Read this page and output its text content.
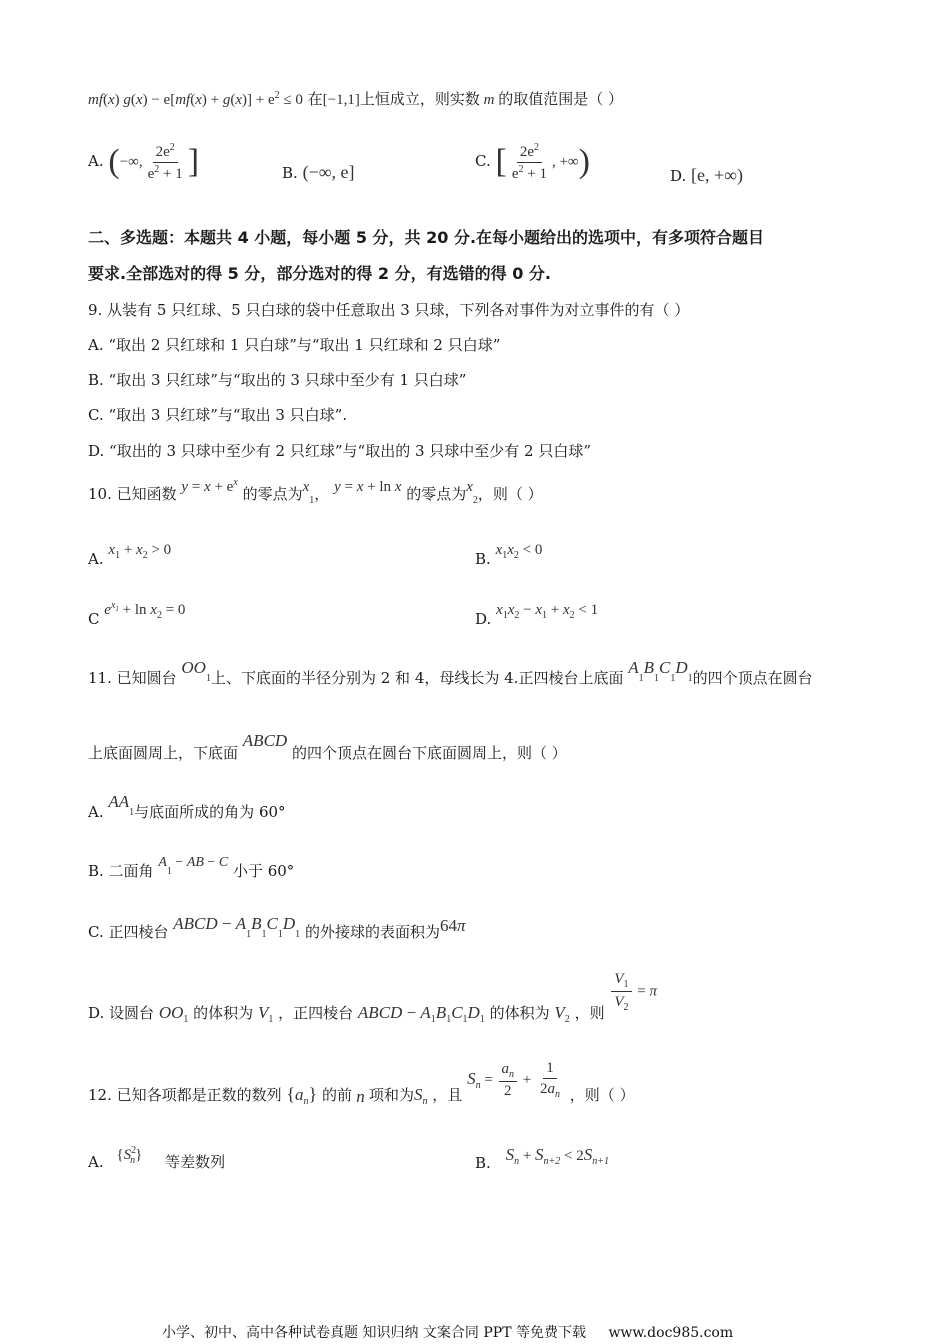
mf(x) $g(x) - e[mf(x) + g(x)] + e^2 \le 0$ 在[−1,1]上恒成立，则实数 m 的取值范围是（ ）
A. (−∞, $\frac{2e^2}{e^2 + 1}$ ]	B. (−∞, e]
C. [ $\frac{2e^2}{e^2 + 1}$ , +∞)	D. [e, +∞)
二、多选题：本题共 4 小题，每小题 5 分，共 20 分.在每小题给出的选项中，有多项符合题目
要求.全部选对的得 5 分，部分选对的得 2 分，有选错的得 0 分.
9. 从装有 5 只红球、5 只白球的袋中任意取出 3 只球，下列各对事件为对立事件的有（ ）
A. “取出 2 只红球和 1 只白球”与“取出 1 只红球和 2 只白球”
B. “取出 3 只红球”与“取出的 3 只球中至少有 1 只白球”
C. “取出 3 只红球”与“取出 3 只白球”.
D. “取出的 3 只球中至少有 2 只红球”与“取出的 3 只球中至少有 2 只白球”
10. 已知函数 $y = x + e^x$ 的零点为$x_1$， y = x + ln x 的零点为$x_2$，则（ ）
A. $x_1 + x_2 > 0$	B. $x_1x_2 < 0$
C $e^{x_1} + \ln x_2 = 0$	D. $x_1x_2 - x_1 + x_2 < 1$
11. 已知圆台 $OO_1$上、下底面的半径分别为 2 和 4，母线长为 4.正四棱台上底面 $A_1B_1C_1D_1$的四个顶点在圆台
上底面圆周上，下底面 ABCD 的四个顶点在圆台下底面圆周上，则（ ）
A. $AA_1$与底面所成的角为 60°
B. 二面角 $A_1$ − AB − C 小于 60°
C. 正四棱台 ABCD − $A_1B_1C_1D_1$ 的外接球的表面积为64π
D. 设圆台 $OO_1$ 的体积为 $V_1$ ，正四棱台 ABCD − $A_1B_1C_1D_1$ 的体积为 $V_2$ ，则 $\frac{V_1}{V_2} = \pi$
12. 已知各项都是正数的数列 $\{a_n\}$ 的前 n 项和为$S_n$ ，且 $S_n = \frac{a_n}{2} + \frac{1}{2a_n}$ ，则（ ）
A. $\{S^2_n\}$ 等差数列	B. $S_n + S_{n+2} < 2S_{n+1}$
小学、初中、高中各种试卷真题 知识归纳 文案合同 PPT 等免费下载 www.doc985.com
